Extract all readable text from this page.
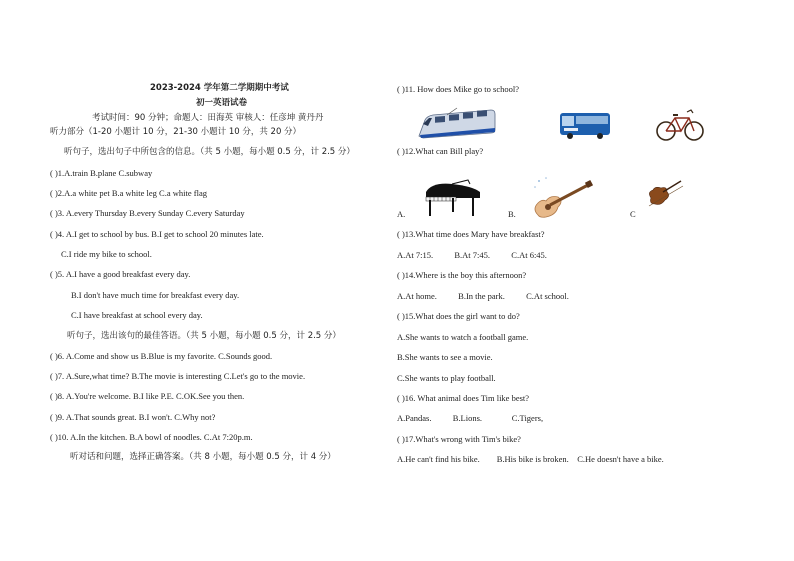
2023-2024 学年第二学期期中考试
初一英语试卷
考试时间：90 分钟；命题人：田海英 审核人：任彦坤 黄丹丹
听力部分（1-20 小题计 10 分，21-30 小题计 10 分，共 20 分）
听句子，选出句子中所包含的信息。（共 5 小题，每小题 0.5 分，计 2.5 分）
( )1.A.train B.plane C.subway
( )2.A.a white pet B.a white leg C.a white flag
( )3. A.every Thursday B.every Sunday C.every Saturday
( )4. A.I get to school by bus. B.I get to school 20 minutes late.
C.I ride my bike to school.
( )5. A.I have a good breakfast every day.
B.I don't have much time for breakfast every day.
C.I have breakfast at school every day.
听句子，选出该句的最佳答语。（共 5 小题，每小题 0.5 分，计 2.5 分）
( )6. A.Come and show us B.Blue is my favorite. C.Sounds good.
( )7. A.Sure,what time? B.The movie is interesting C.Let's go to the movie.
( )8. A.You're welcome. B.I like P.E. C.OK.See you then.
( )9. A.That sounds great. B.I won't. C.Why not?
( )10. A.In the kitchen. B.A bowl of noodles. C.At 7:20p.m.
听对话和问题，选择正确答案。（共 8 小题，每小题 0.5 分，计 4 分）
( )11. How does Mike go to school?
( )12.What can Bill play?
A.	B.	C
( )13.What time does Mary have breakfast?
A.At 7:15.          B.At 7:45.          C.At 6:45.
( )14.Where is the boy this afternoon?
A.At home.          B.In the park.          C.At school.
( )15.What does the girl want to do?
A.She wants to watch a football game.
B.She wants to see a movie.
C.She wants to play football.
( )16. What animal does Tim like best?
A.Pandas.          B.Lions.              C.Tigers,
( )17.What's wrong with Tim's bike?
A.He can't find his bike.        B.His bike is broken.    C.He doesn't have a bike.
